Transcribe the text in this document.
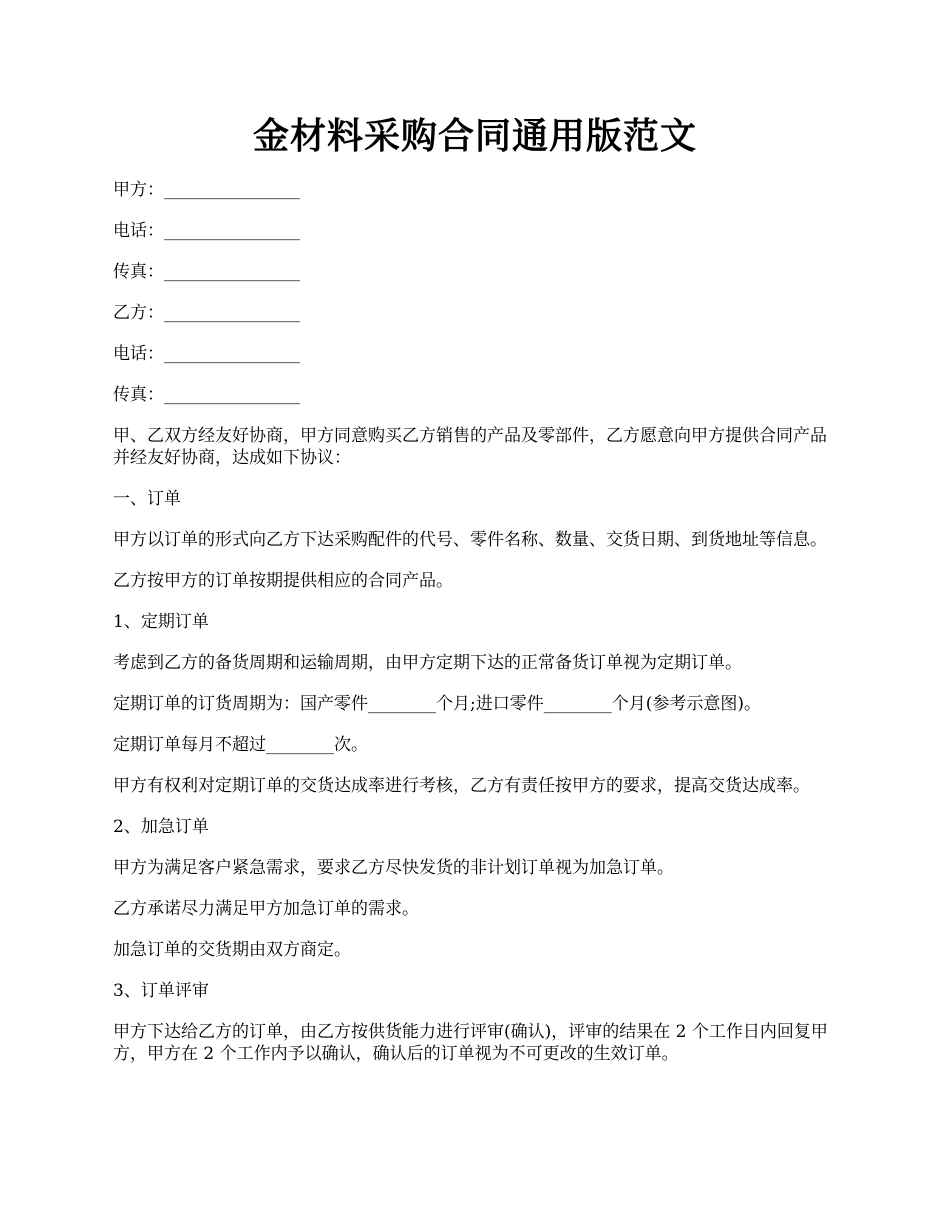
金材料采购合同通用版范文

甲方：________________

电话：________________

传真：________________

乙方：________________

电话：________________

传真：________________

甲、乙双方经友好协商，甲方同意购买乙方销售的产品及零部件，乙方愿意向甲方提供合同产品并经友好协商，达成如下协议：

一、订单

甲方以订单的形式向乙方下达采购配件的代号、零件名称、数量、交货日期、到货地址等信息。

乙方按甲方的订单按期提供相应的合同产品。

1、定期订单

考虑到乙方的备货周期和运输周期，由甲方定期下达的正常备货订单视为定期订单。

定期订单的订货周期为：国产零件________个月;进口零件________个月(参考示意图)。

定期订单每月不超过________次。

甲方有权利对定期订单的交货达成率进行考核，乙方有责任按甲方的要求，提高交货达成率。

2、加急订单

甲方为满足客户紧急需求，要求乙方尽快发货的非计划订单视为加急订单。

乙方承诺尽力满足甲方加急订单的需求。

加急订单的交货期由双方商定。

3、订单评审

甲方下达给乙方的订单，由乙方按供货能力进行评审(确认)，评审的结果在 2 个工作日内回复甲方，甲方在 2 个工作内予以确认，确认后的订单视为不可更改的生效订单。
